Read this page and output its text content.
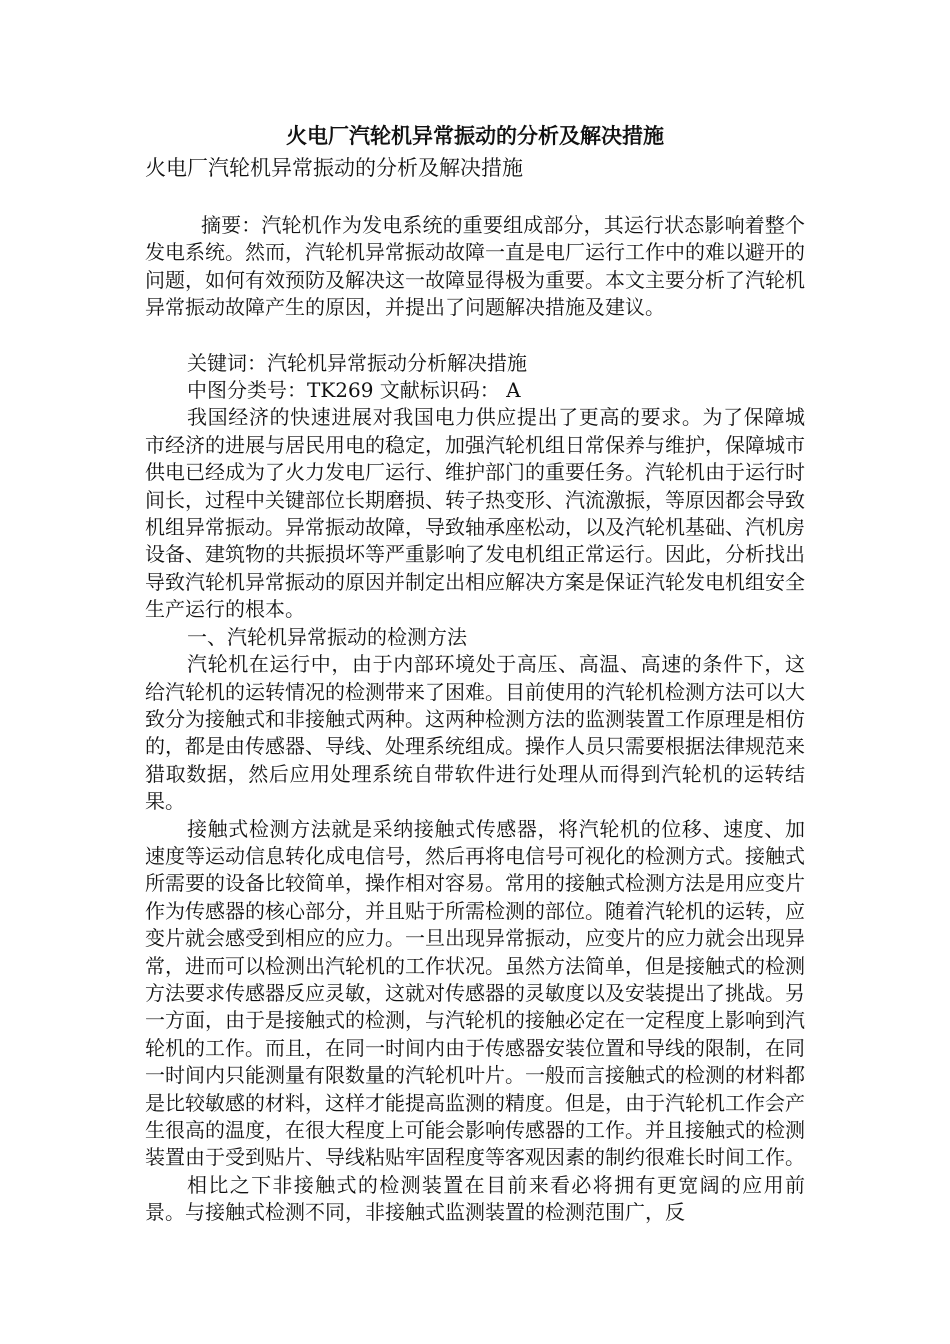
火电厂汽轮机异常振动的分析及解决措施
火电厂汽轮机异常振动的分析及解决措施

摘要：汽轮机作为发电系统的重要组成部分，其运行状态影响着整个发电系统。然而，汽轮机异常振动故障一直是电厂运行工作中的难以避开的问题，如何有效预防及解决这一故障显得极为重要。本文主要分析了汽轮机异常振动故障产生的原因，并提出了问题解决措施及建议。

关键词：汽轮机异常振动分析解决措施

中图分类号：TK269 文献标识码： A

我国经济的快速进展对我国电力供应提出了更高的要求。为了保障城市经济的进展与居民用电的稳定，加强汽轮机组日常保养与维护，保障城市供电已经成为了火力发电厂运行、维护部门的重要任务。汽轮机由于运行时间长，过程中关键部位长期磨损、转子热变形、汽流激振，等原因都会导致机组异常振动。异常振动故障，导致轴承座松动，以及汽轮机基础、汽机房设备、建筑物的共振损坏等严重影响了发电机组正常运行。因此，分析找出导致汽轮机异常振动的原因并制定出相应解决方案是保证汽轮发电机组安全生产运行的根本。

一、汽轮机异常振动的检测方法

汽轮机在运行中，由于内部环境处于高压、高温、高速的条件下，这给汽轮机的运转情况的检测带来了困难。目前使用的汽轮机检测方法可以大致分为接触式和非接触式两种。这两种检测方法的监测装置工作原理是相仿的，都是由传感器、导线、处理系统组成。操作人员只需要根据法律规范来猎取数据，然后应用处理系统自带软件进行处理从而得到汽轮机的运转结果。

接触式检测方法就是采纳接触式传感器，将汽轮机的位移、速度、加速度等运动信息转化成电信号，然后再将电信号可视化的检测方式。接触式所需要的设备比较简单，操作相对容易。常用的接触式检测方法是用应变片作为传感器的核心部分，并且贴于所需检测的部位。随着汽轮机的运转，应变片就会感受到相应的应力。一旦出现异常振动，应变片的应力就会出现异常，进而可以检测出汽轮机的工作状况。虽然方法简单，但是接触式的检测方法要求传感器反应灵敏，这就对传感器的灵敏度以及安装提出了挑战。另一方面，由于是接触式的检测，与汽轮机的接触必定在一定程度上影响到汽轮机的工作。而且，在同一时间内由于传感器安装位置和导线的限制，在同一时间内只能测量有限数量的汽轮机叶片。一般而言接触式的检测的材料都是比较敏感的材料，这样才能提高监测的精度。但是，由于汽轮机工作会产生很高的温度，在很大程度上可能会影响传感器的工作。并且接触式的检测装置由于受到贴片、导线粘贴牢固程度等客观因素的制约很难长时间工作。

相比之下非接触式的检测装置在目前来看必将拥有更宽阔的应用前景。与接触式检测不同，非接触式监测装置的检测范围广，反
